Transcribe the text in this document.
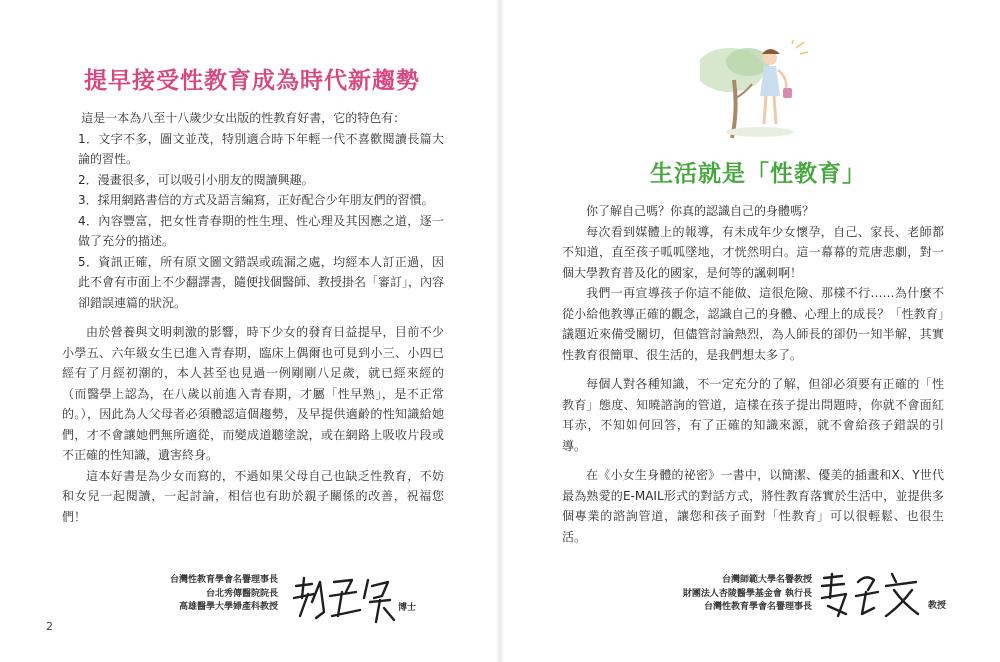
提早接受性教育成為時代新趨勢

這是一本為八至十八歲少女出版的性教育好書，它的特色有：

1．文字不多，圖文並茂，特別適合時下年輕一代不喜歡閱讀長篇大論的習性。

2．漫畫很多，可以吸引小朋友的閱讀興趣。

3．採用網路書信的方式及語言編寫，正好配合少年朋友們的習慣。

4．內容豐富，把女性青春期的性生理、性心理及其因應之道，逐一做了充分的描述。

5．資訊正確，所有原文圖文錯誤或疏漏之處，均經本人訂正過，因此不會有市面上不少翻譯書，隨便找個醫師、教授掛名「審訂」，內容卻錯誤連篇的狀況。

由於營養與文明刺激的影響，時下少女的發育日益提早，目前不少小學五、六年級女生已進入青春期，臨床上偶爾也可見到小三、小四已經有了月經初潮的，本人甚至也見過一例剛剛八足歲，就已經來經的（而醫學上認為，在八歲以前進入青春期，才屬「性早熟」，是不正常的。），因此為人父母者必須體認這個趨勢，及早提供適齡的性知識給她們，才不會讓她們無所適從，而變成道聽塗說，或在網路上吸收片段或不正確的性知識，遺害終身。

這本好書是為少女而寫的，不過如果父母自己也缺乏性教育，不妨和女兒一起閱讀，一起討論，相信也有助於親子關係的改善，祝福您們！

台灣性教育學會名譽理事長
台北秀傳醫院院長
高雄醫學大學婦產科教授	博士
2
生活就是「性教育」

你了解自己嗎？你真的認識自己的身體嗎？

每次看到媒體上的報導，有未成年少女懷孕，自己、家長、老師都不知道，直至孩子呱呱墜地，才恍然明白。這一幕幕的荒唐悲劇，對一個大學教育普及化的國家，是何等的諷刺啊！

我們一再宣導孩子你這不能做、這很危險、那樣不行……為什麼不從小給他教導正確的觀念，認識自己的身體、心理上的成長？「性教育」議題近來備受關切，但儘管討論熱烈，為人師長的卻仍一知半解，其實性教育很簡單、很生活的，是我們想太多了。

每個人對各種知識，不一定充分的了解，但卻必須要有正確的「性教育」態度、知曉諮詢的管道，這樣在孩子提出問題時，你就不會面紅耳赤，不知如何回答，有了正確的知識來源，就不會給孩子錯誤的引導。

在《小女生身體的祕密》一書中，以簡潔、優美的插畫和X、Y世代最為熟愛的E-MAIL形式的對話方式，將性教育落實於生活中，並提供多個專業的諮詢管道，讓您和孩子面對「性教育」可以很輕鬆、也很生活。

台灣師範大學名譽教授
財團法人杏陵醫學基金會 執行長
台灣性教育學會名譽理事長	教授
